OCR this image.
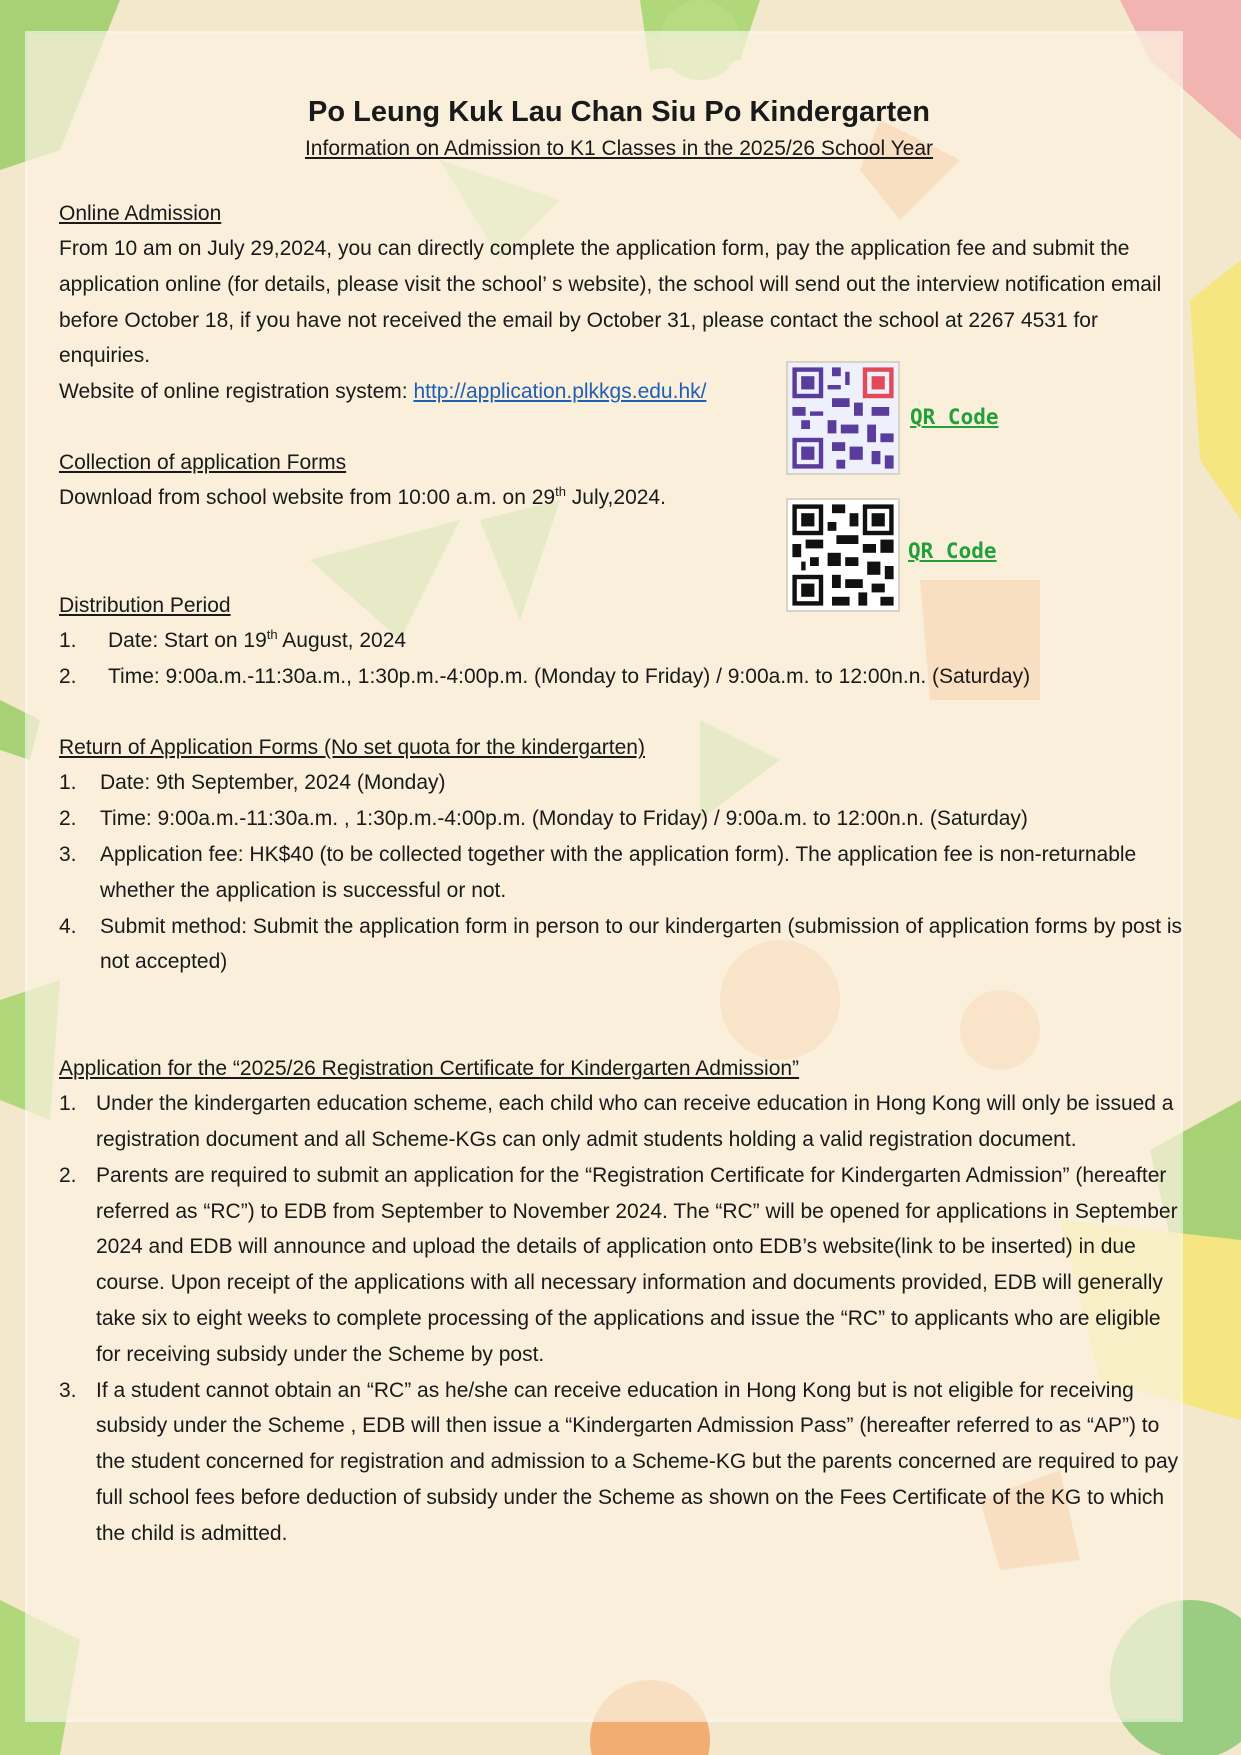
Po Leung Kuk Lau Chan Siu Po Kindergarten
Information on Admission to K1 Classes in the 2025/26 School Year
Online Admission

From 10 am on July 29,2024, you can directly complete the application form, pay the application fee and submit the application online (for details, please visit the school’ s website), the school will send out the interview notification email before October 18, if you have not received the email by October 31, please contact the school at 2267 4531 for enquiries.

Website of online registration system: http://application.plkkgs.edu.hk/

Collection of application Forms

Download from school website from 10:00 a.m. on 29th July,2024.

Distribution Period
1. Date: Start on 19th August, 2024
2. Time: 9:00a.m.-11:30a.m., 1:30p.m.-4:00p.m. (Monday to Friday) / 9:00a.m. to 12:00n.n. (Saturday)
Return of Application Forms (No set quota for the kindergarten)
1. Date: 9th September, 2024 (Monday)
2. Time: 9:00a.m.-11:30a.m. , 1:30p.m.-4:00p.m. (Monday to Friday) / 9:00a.m. to 12:00n.n. (Saturday)
3. Application fee: HK$40 (to be collected together with the application form). The application fee is non-returnable whether the application is successful or not.
4. Submit method: Submit the application form in person to our kindergarten (submission of application forms by post is not accepted)
Application for the “2025/26 Registration Certificate for Kindergarten Admission”
1. Under the kindergarten education scheme, each child who can receive education in Hong Kong will only be issued a registration document and all Scheme-KGs can only admit students holding a valid registration document.
2. Parents are required to submit an application for the “Registration Certificate for Kindergarten Admission” (hereafter referred as “RC”) to EDB from September to November 2024. The “RC” will be opened for applications in September 2024 and EDB will announce and upload the details of application onto EDB’s website(link to be inserted) in due course. Upon receipt of the applications with all necessary information and documents provided, EDB will generally take six to eight weeks to complete processing of the applications and issue the “RC” to applicants who are eligible for receiving subsidy under the Scheme by post.
3. If a student cannot obtain an “RC” as he/she can receive education in Hong Kong but is not eligible for receiving subsidy under the Scheme , EDB will then issue a “Kindergarten Admission Pass” (hereafter referred to as “AP”) to the student concerned for registration and admission to a Scheme-KG but the parents concerned are required to pay full school fees before deduction of subsidy under the Scheme as shown on the Fees Certificate of the KG to which the child is admitted.
QR Code
QR Code
